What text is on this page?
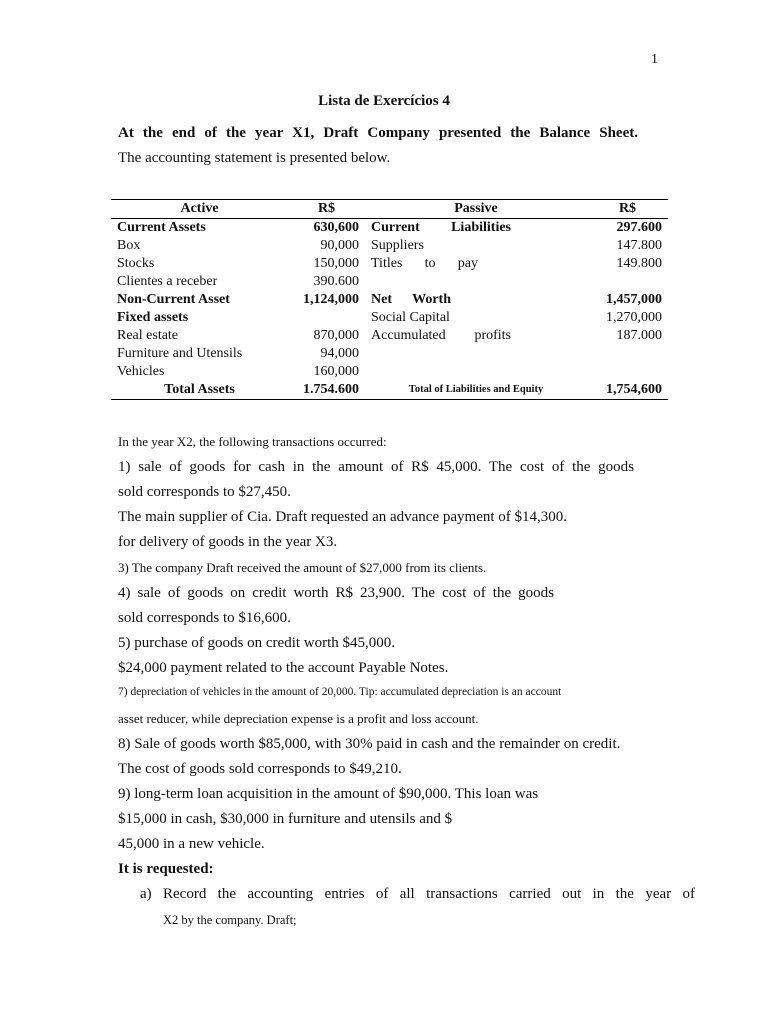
1
Lista de Exercícios 4
At the end of the year X1, Draft Company presented the Balance Sheet.
The accounting statement is presented below.
Active	R$	Passive	R$
Current Assets	630,600	Current Liabilities	297.600
Box	90,000	Suppliers	147.800
Stocks	150,000	Titles to pay	149.800
Clientes a receber	390.600		
Non-Current Asset	1,124,000	Net Worth	1,457,000
Fixed assets		Social Capital	1,270,000
Real estate	870,000	Accumulated profits	187.000
Furniture and Utensils	94,000		
Vehicles	160,000		
Total Assets	1.754.600	Total of Liabilities and Equity	1,754,600
In the year X2, the following transactions occurred:
1) sale of goods for cash in the amount of R$ 45,000. The cost of the goods
sold corresponds to $27,450.
The main supplier of Cia. Draft requested an advance payment of $14,300.
for delivery of goods in the year X3.
3) The company Draft received the amount of $27,000 from its clients.
4) sale of goods on credit worth R$ 23,900. The cost of the goods
sold corresponds to $16,600.
5) purchase of goods on credit worth $45,000.
$24,000 payment related to the account Payable Notes.
7) depreciation of vehicles in the amount of 20,000. Tip: accumulated depreciation is an account
asset reducer, while depreciation expense is a profit and loss account.
8) Sale of goods worth $85,000, with 30% paid in cash and the remainder on credit.
The cost of goods sold corresponds to $49,210.
9) long-term loan acquisition in the amount of $90,000. This loan was
$15,000 in cash, $30,000 in furniture and utensils and $
45,000 in a new vehicle.
It is requested:
a) Record the accounting entries of all transactions carried out in the year of
X2 by the company. Draft;
